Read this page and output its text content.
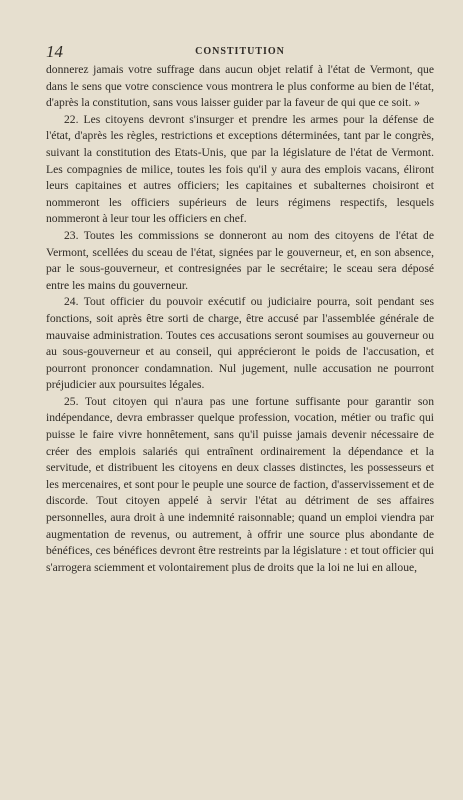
14	CONSTITUTION

donnerez jamais votre suffrage dans aucun objet relatif à l'état de Vermont, que dans le sens que votre conscience vous montrera le plus conforme au bien de l'état, d'après la constitution, sans vous laisser guider par la faveur de qui que ce soit. »

22. Les citoyens devront s'insurger et prendre les armes pour la défense de l'état, d'après les règles, restrictions et exceptions déterminées, tant par le congrès, suivant la constitution des Etats-Unis, que par la législature de l'état de Vermont. Les compagnies de milice, toutes les fois qu'il y aura des emplois vacans, éliront leurs capitaines et autres officiers; les capitaines et subalternes choisiront et nommeront les officiers supérieurs de leurs régimens respectifs, lesquels nommeront à leur tour les officiers en chef.

23. Toutes les commissions se donneront au nom des citoyens de l'état de Vermont, scellées du sceau de l'état, signées par le gouverneur, et, en son absence, par le sous-gouverneur, et contresignées par le secrétaire; le sceau sera déposé entre les mains du gouverneur.

24. Tout officier du pouvoir exécutif ou judiciaire pourra, soit pendant ses fonctions, soit après être sorti de charge, être accusé par l'assemblée générale de mauvaise administration. Toutes ces accusations seront soumises au gouverneur ou au sous-gouverneur et au conseil, qui apprécieront le poids de l'accusation, et pourront prononcer condamnation. Nul jugement, nulle accusation ne pourront préjudicier aux poursuites légales.

25. Tout citoyen qui n'aura pas une fortune suffisante pour garantir son indépendance, devra embrasser quelque profession, vocation, métier ou trafic qui puisse le faire vivre honnêtement, sans qu'il puisse jamais devenir nécessaire de créer des emplois salariés qui entraînent ordinairement la dépendance et la servitude, et distribuent les citoyens en deux classes distinctes, les possesseurs et les mercenaires, et sont pour le peuple une source de faction, d'asservissement et de discorde. Tout citoyen appelé à servir l'état au détriment de ses affaires personnelles, aura droit à une indemnité raisonnable; quand un emploi viendra par augmentation de revenus, ou autrement, à offrir une source plus abondante de bénéfices, ces bénéfices devront être restreints par la législature : et tout officier qui s'arrogera sciemment et volontairement plus de droits que la loi ne lui en alloue,
